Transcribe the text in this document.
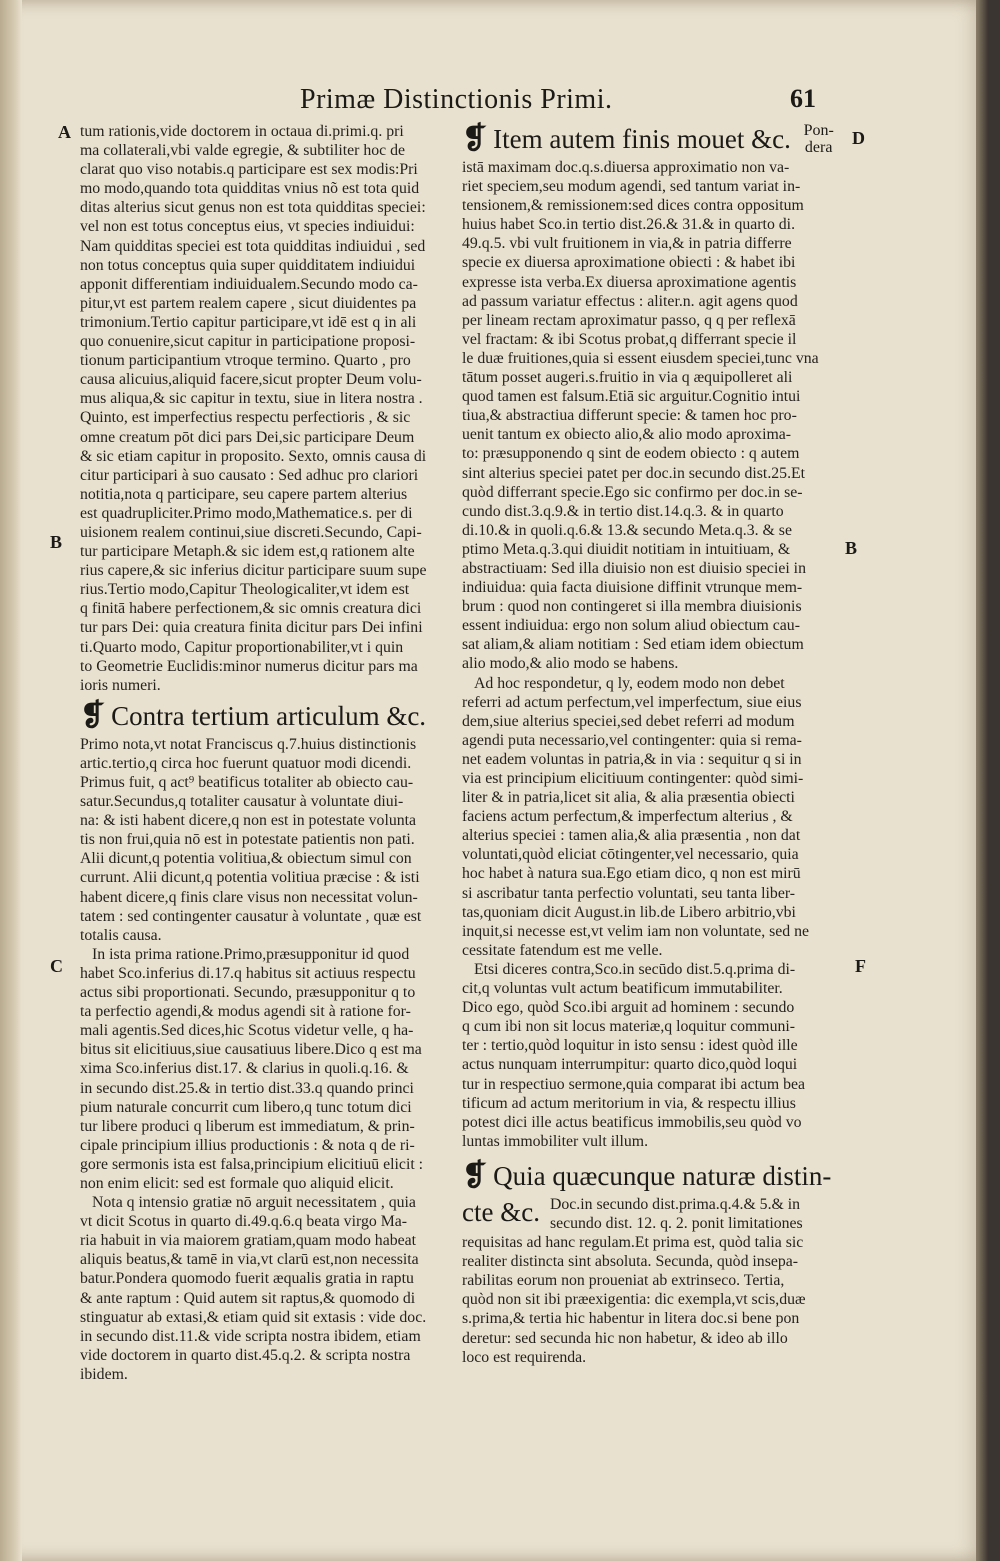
Primæ Distinctionis Primi.	61
A
B
C
D
B
F
tum rationis,vide doctorem in octaua di.primi.q. pri
ma collaterali,vbi valde egregie, & subtiliter hoc de
clarat quo viso notabis.q participare est sex modis:Pri
mo modo,quando tota quidditas vnius nõ est tota quid
ditas alterius sicut genus non est tota quidditas speciei:
vel non est totus conceptus eius, vt species indiuidui:
Nam quidditas speciei est tota quidditas indiuidui , sed
non totus conceptus quia super quidditatem indiuidui
apponit differentiam indiuidualem.Secundo modo ca-
pitur,vt est partem realem capere , sicut diuidentes pa
trimonium.Tertio capitur participare,vt idē est q in ali
quo conuenire,sicut capitur in participatione proposi-
tionum participantium vtroque termino. Quarto , pro
causa alicuius,aliquid facere,sicut propter Deum volu-
mus aliqua,& sic capitur in textu, siue in litera nostra .
Quinto, est imperfectius respectu perfectioris , & sic
omne creatum pōt dici pars Dei,sic participare Deum
& sic etiam capitur in proposito. Sexto, omnis causa di
citur participari à suo causato : Sed adhuc pro clariori
notitia,nota q participare, seu capere partem alterius
est quadrupliciter.Primo modo,Mathematice.s. per di
uisionem realem continui,siue discreti.Secundo, Capi-
tur participare Metaph.& sic idem est,q rationem alte
rius capere,& sic inferius dicitur participare suum supe
rius.Tertio modo,Capitur Theologicaliter,vt idem est
q finitā habere perfectionem,& sic omnis creatura dici
tur pars Dei: quia creatura finita dicitur pars Dei infini
ti.Quarto modo, Capitur proportionabiliter,vt i quin
to Geometrie Euclidis:minor numerus dicitur pars ma
ioris numeri.
❡ Contra tertium articulum &c.
Primo nota,vt notat Franciscus q.7.huius distinctionis
artic.tertio,q circa hoc fuerunt quatuor modi dicendi.
Primus fuit, q act⁹ beatificus totaliter ab obiecto cau-
satur.Secundus,q totaliter causatur à voluntate diui-
na: & isti habent dicere,q non est in potestate volunta
tis non frui,quia nō est in potestate patientis non pati.
Alii dicunt,q potentia volitiua,& obiectum simul con
currunt. Alii dicunt,q potentia volitiua præcise : & isti
habent dicere,q finis clare visus non necessitat volun-
tatem : sed contingenter causatur à voluntate , quæ est
totalis causa.
In ista prima ratione.Primo,præsupponitur id quod
habet Sco.inferius di.17.q habitus sit actiuus respectu
actus sibi proportionati. Secundo, præsupponitur q to
ta perfectio agendi,& modus agendi sit à ratione for-
mali agentis.Sed dices,hic Scotus videtur velle, q ha-
bitus sit elicitiuus,siue causatiuus libere.Dico q est ma
xima Sco.inferius dist.17. & clarius in quoli.q.16. &
in secundo dist.25.& in tertio dist.33.q quando princi
pium naturale concurrit cum libero,q tunc totum dici
tur libere produci q liberum est immediatum, & prin-
cipale principium illius productionis : & nota q de ri-
gore sermonis ista est falsa,principium elicitiuū elicit :
non enim elicit: sed est formale quo aliquid elicit.
Nota q intensio gratiæ nō arguit necessitatem , quia
vt dicit Scotus in quarto di.49.q.6.q beata virgo Ma-
ria habuit in via maiorem gratiam,quam modo habeat
aliquis beatus,& tamē in via,vt clarū est,non necessita
batur.Pondera quomodo fuerit æqualis gratia in raptu
& ante raptum : Quid autem sit raptus,& quomodo di
stinguatur ab extasi,& etiam quid sit extasis : vide doc.
in secundo dist.11.& vide scripta nostra ibidem, etiam
vide doctorem in quarto dist.45.q.2. & scripta nostra
ibidem.
❡ Item autem finis mouet &c. Pon-
dera
istā maximam doc.q.s.diuersa approximatio non va-
riet speciem,seu modum agendi, sed tantum variat in-
tensionem,& remissionem:sed dices contra oppositum
huius habet Sco.in tertio dist.26.& 31.& in quarto di.
49.q.5. vbi vult fruitionem in via,& in patria differre
specie ex diuersa aproximatione obiecti : & habet ibi
expresse ista verba.Ex diuersa aproximatione agentis
ad passum variatur effectus : aliter.n. agit agens quod
per lineam rectam aproximatur passo, q q per reflexā
vel fractam: & ibi Scotus probat,q differrant specie il
le duæ fruitiones,quia si essent eiusdem speciei,tunc vna
tātum posset augeri.s.fruitio in via q æquipolleret ali
quod tamen est falsum.Etiā sic arguitur.Cognitio intui
tiua,& abstractiua differunt specie: & tamen hoc pro-
uenit tantum ex obiecto alio,& alio modo aproxima-
to: præsupponendo q sint de eodem obiecto : q autem
sint alterius speciei patet per doc.in secundo dist.25.Et
quòd differrant specie.Ego sic confirmo per doc.in se-
cundo dist.3.q.9.& in tertio dist.14.q.3. & in quarto
di.10.& in quoli.q.6.& 13.& secundo Meta.q.3. & se
ptimo Meta.q.3.qui diuidit notitiam in intuitiuam, &
abstractiuam: Sed illa diuisio non est diuisio speciei in
indiuidua: quia facta diuisione diffinit vtrunque mem-
brum : quod non contingeret si illa membra diuisionis
essent indiuidua: ergo non solum aliud obiectum cau-
sat aliam,& aliam notitiam : Sed etiam idem obiectum
alio modo,& alio modo se habens.
Ad hoc respondetur, q ly, eodem modo non debet
referri ad actum perfectum,vel imperfectum, siue eius
dem,siue alterius speciei,sed debet referri ad modum
agendi puta necessario,vel contingenter: quia si rema-
net eadem voluntas in patria,& in via : sequitur q si in
via est principium elicitiuum contingenter: quòd simi-
liter & in patria,licet sit alia, & alia præsentia obiecti
faciens actum perfectum,& imperfectum alterius , &
alterius speciei : tamen alia,& alia præsentia , non dat
voluntati,quòd eliciat cōtingenter,vel necessario, quia
hoc habet à natura sua.Ego etiam dico, q non est mirū
si ascribatur tanta perfectio voluntati, seu tanta liber-
tas,quoniam dicit August.in lib.de Libero arbitrio,vbi
inquit,si necesse est,vt velim iam non voluntate, sed ne
cessitate fatendum est me velle.
Etsi diceres contra,Sco.in secūdo dist.5.q.prima di-
cit,q voluntas vult actum beatificum immutabiliter.
Dico ego, quòd Sco.ibi arguit ad hominem : secundo
q cum ibi non sit locus materiæ,q loquitur communi-
ter : tertio,quòd loquitur in isto sensu : idest quòd ille
actus nunquam interrumpitur: quarto dico,quòd loqui
tur in respectiuo sermone,quia comparat ibi actum bea
tificum ad actum meritorium in via, & respectu illius
potest dici ille actus beatificus immobilis,seu quòd vo
luntas immobiliter vult illum.
❡ Quia quæcunque naturæ distin-
cte &c. Doc.in secundo dist.prima.q.4.& 5.& in
secundo dist. 12. q. 2. ponit limitationes
requisitas ad hanc regulam.Et prima est, quòd talia sic
realiter distincta sint absoluta. Secunda, quòd insepa-
rabilitas eorum non proueniat ab extrinseco. Tertia,
quòd non sit ibi præexigentia: dic exempla,vt scis,duæ
s.prima,& tertia hic habentur in litera doc.si bene pon
deretur: sed secunda hic non habetur, & ideo ab illo
loco est requirenda.
